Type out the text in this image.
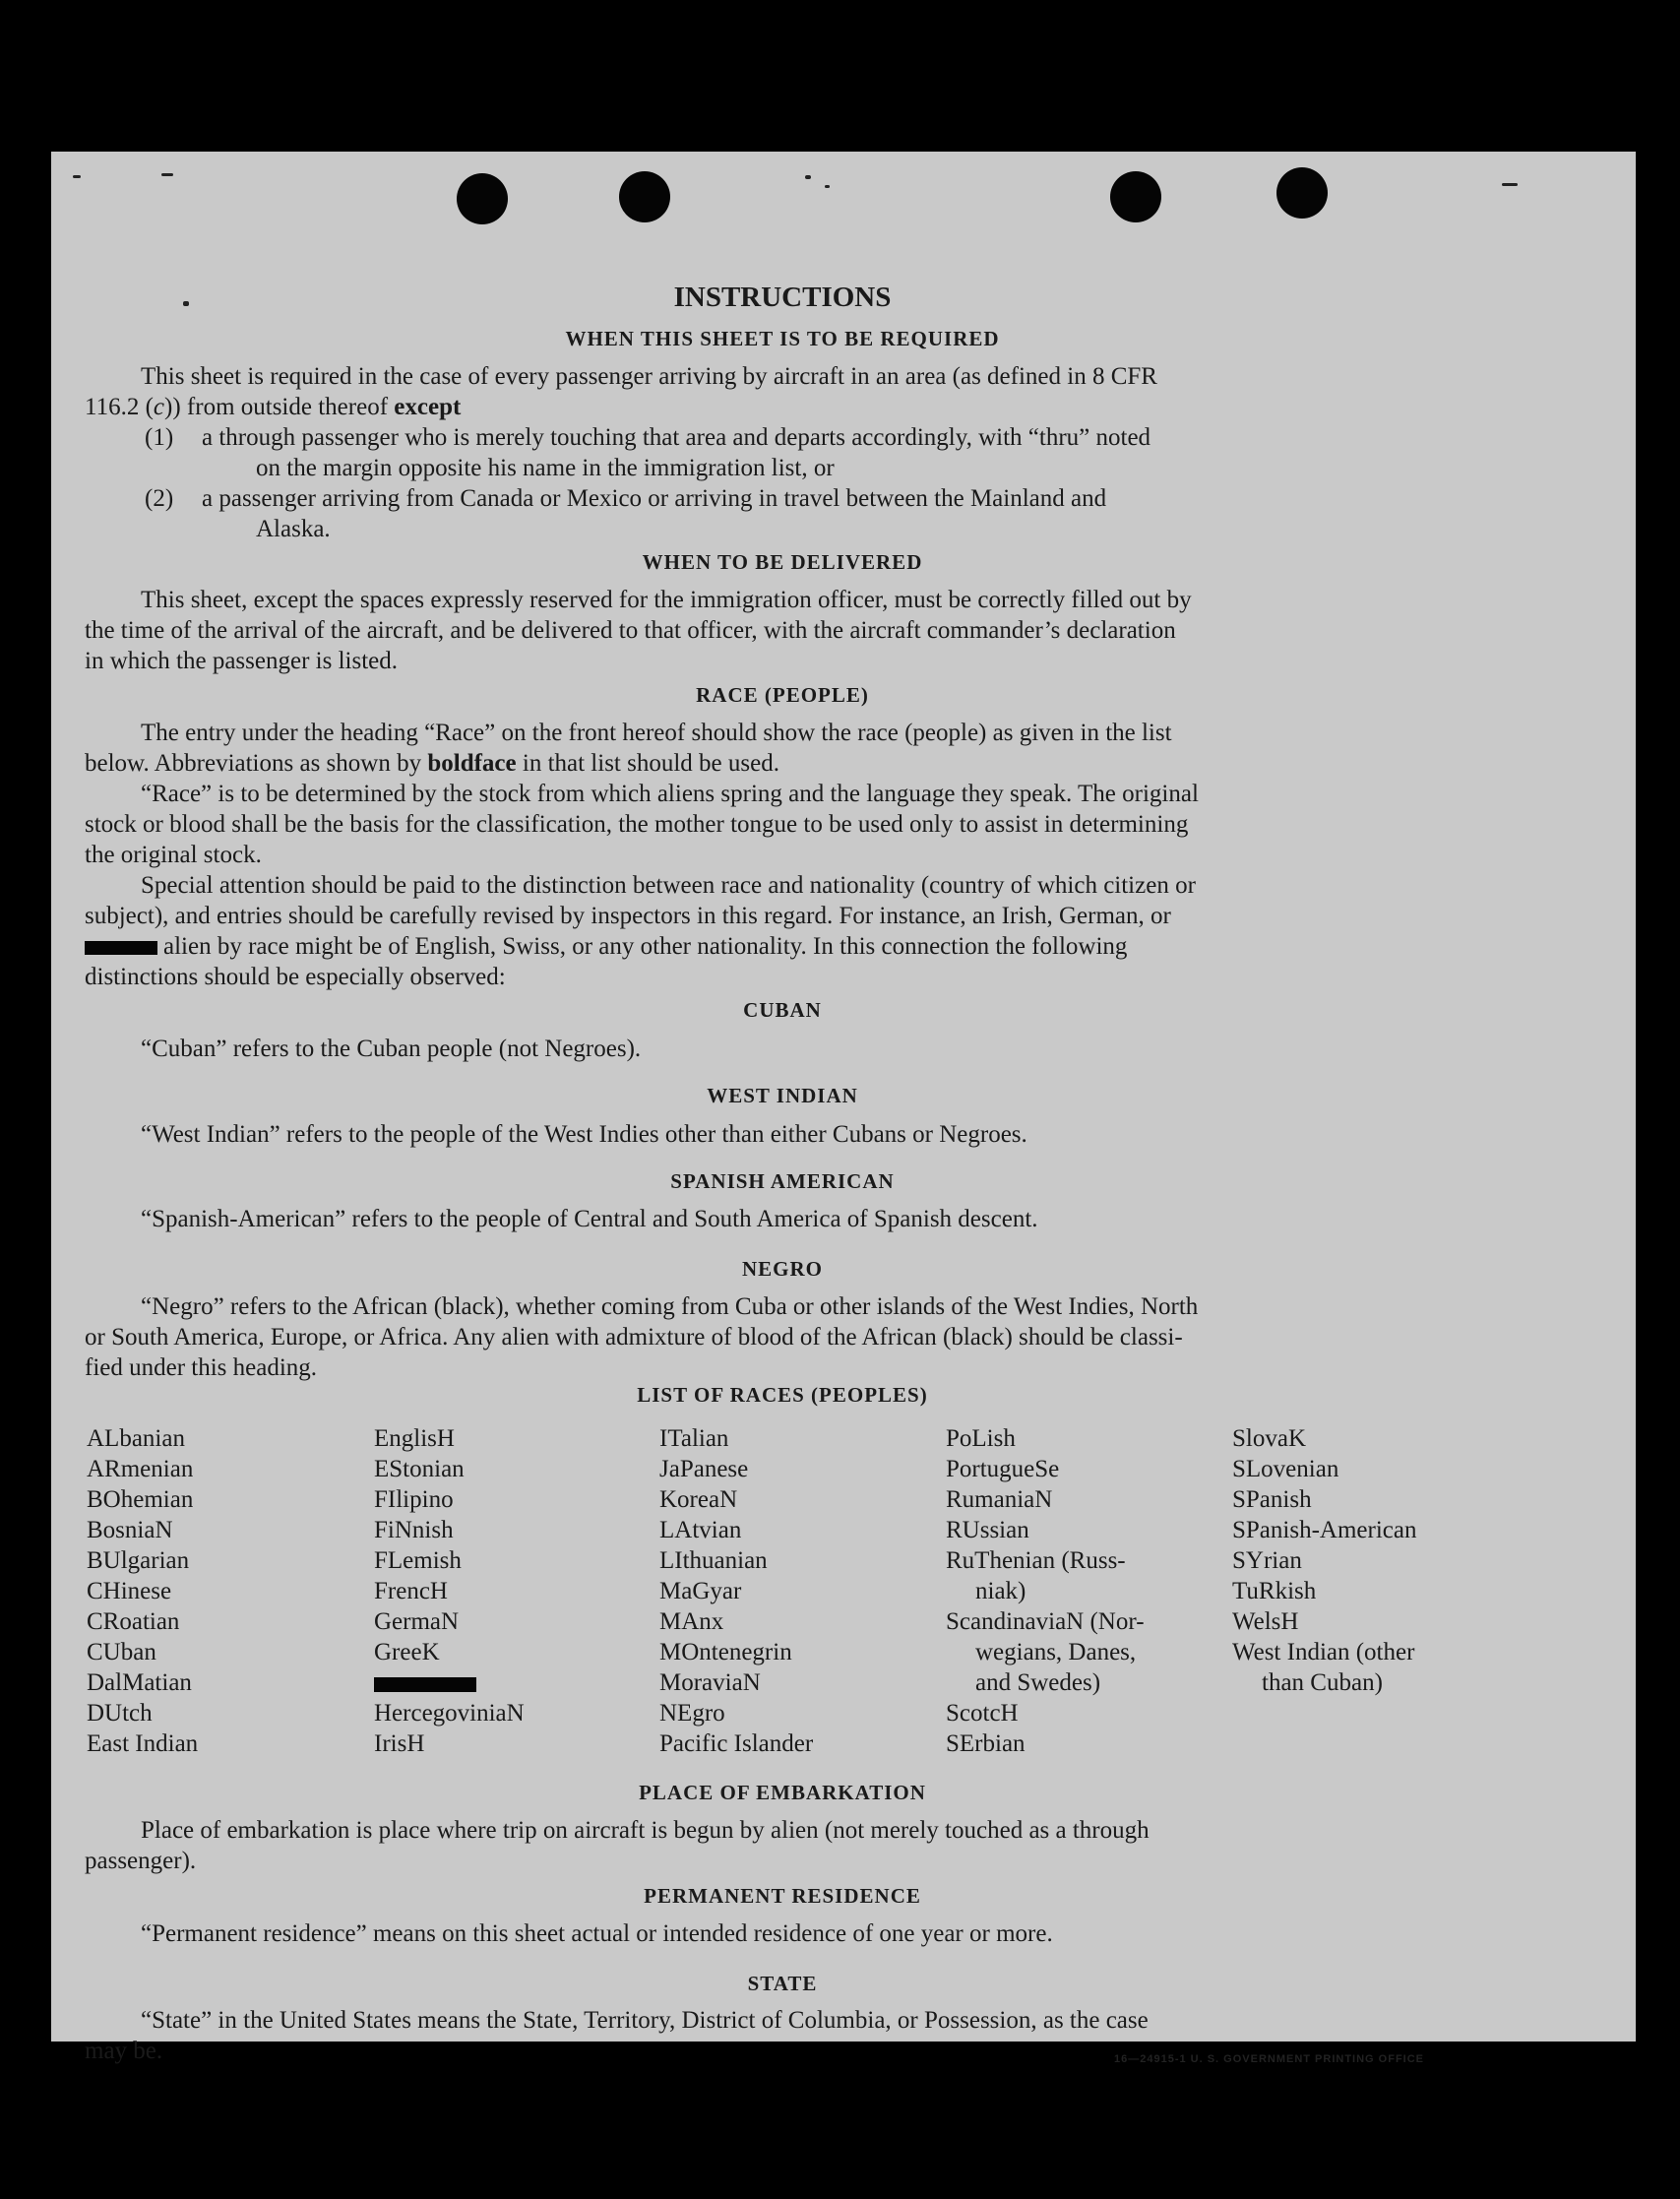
INSTRUCTIONS
WHEN THIS SHEET IS TO BE REQUIRED
This sheet is required in the case of every passenger arriving by aircraft in an area (as defined in 8 CFR
116.2 (c)) from outside thereof except
(1) a through passenger who is merely touching that area and departs accordingly, with “thru” noted
on the margin opposite his name in the immigration list, or
(2) a passenger arriving from Canada or Mexico or arriving in travel between the Mainland and
Alaska.
WHEN TO BE DELIVERED
This sheet, except the spaces expressly reserved for the immigration officer, must be correctly filled out by
the time of the arrival of the aircraft, and be delivered to that officer, with the aircraft commander’s declaration
in which the passenger is listed.
RACE (PEOPLE)
The entry under the heading “Race” on the front hereof should show the race (people) as given in the list
below. Abbreviations as shown by boldface in that list should be used.
“Race” is to be determined by the stock from which aliens spring and the language they speak. The original
stock or blood shall be the basis for the classification, the mother tongue to be used only to assist in determining
the original stock.
Special attention should be paid to the distinction between race and nationality (country of which citizen or
subject), and entries should be carefully revised by inspectors in this regard. For instance, an Irish, German, or
alien by race might be of English, Swiss, or any other nationality. In this connection the following
distinctions should be especially observed:
CUBAN
“Cuban” refers to the Cuban people (not Negroes).
WEST INDIAN
“West Indian” refers to the people of the West Indies other than either Cubans or Negroes.
SPANISH AMERICAN
“Spanish-American” refers to the people of Central and South America of Spanish descent.
NEGRO
“Negro” refers to the African (black), whether coming from Cuba or other islands of the West Indies, North
or South America, Europe, or Africa. Any alien with admixture of blood of the African (black) should be classi-
fied under this heading.
LIST OF RACES (PEOPLES)
ALbanian
ARmenian
BOhemian
BosniaN
BUlgarian
CHinese
CRoatian
CUban
DalMatian
DUtch
East Indian
EnglisH
EStonian
FIlipino
FiNnish
FLemish
FrencH
GermaN
GreeK
HercegoviniaN
IrisH
ITalian
JaPanese
KoreaN
LAtvian
LIthuanian
MaGyar
MAnx
MOntenegrin
MoraviaN
NEgro
Pacific Islander
PoLish
PortugueSe
RumaniaN
RUssian
RuThenian (Russ-
niak)
ScandinaviaN (Nor-
wegians, Danes,
and Swedes)
ScotcH
SErbian
SlovaK
SLovenian
SPanish
SPanish-American
SYrian
TuRkish
WelsH
West Indian (other
than Cuban)
PLACE OF EMBARKATION
Place of embarkation is place where trip on aircraft is begun by alien (not merely touched as a through
passenger).
PERMANENT RESIDENCE
“Permanent residence” means on this sheet actual or intended residence of one year or more.
STATE
“State” in the United States means the State, Territory, District of Columbia, or Possession, as the case
may be.	16—24915-1 U. S. GOVERNMENT PRINTING OFFICE
